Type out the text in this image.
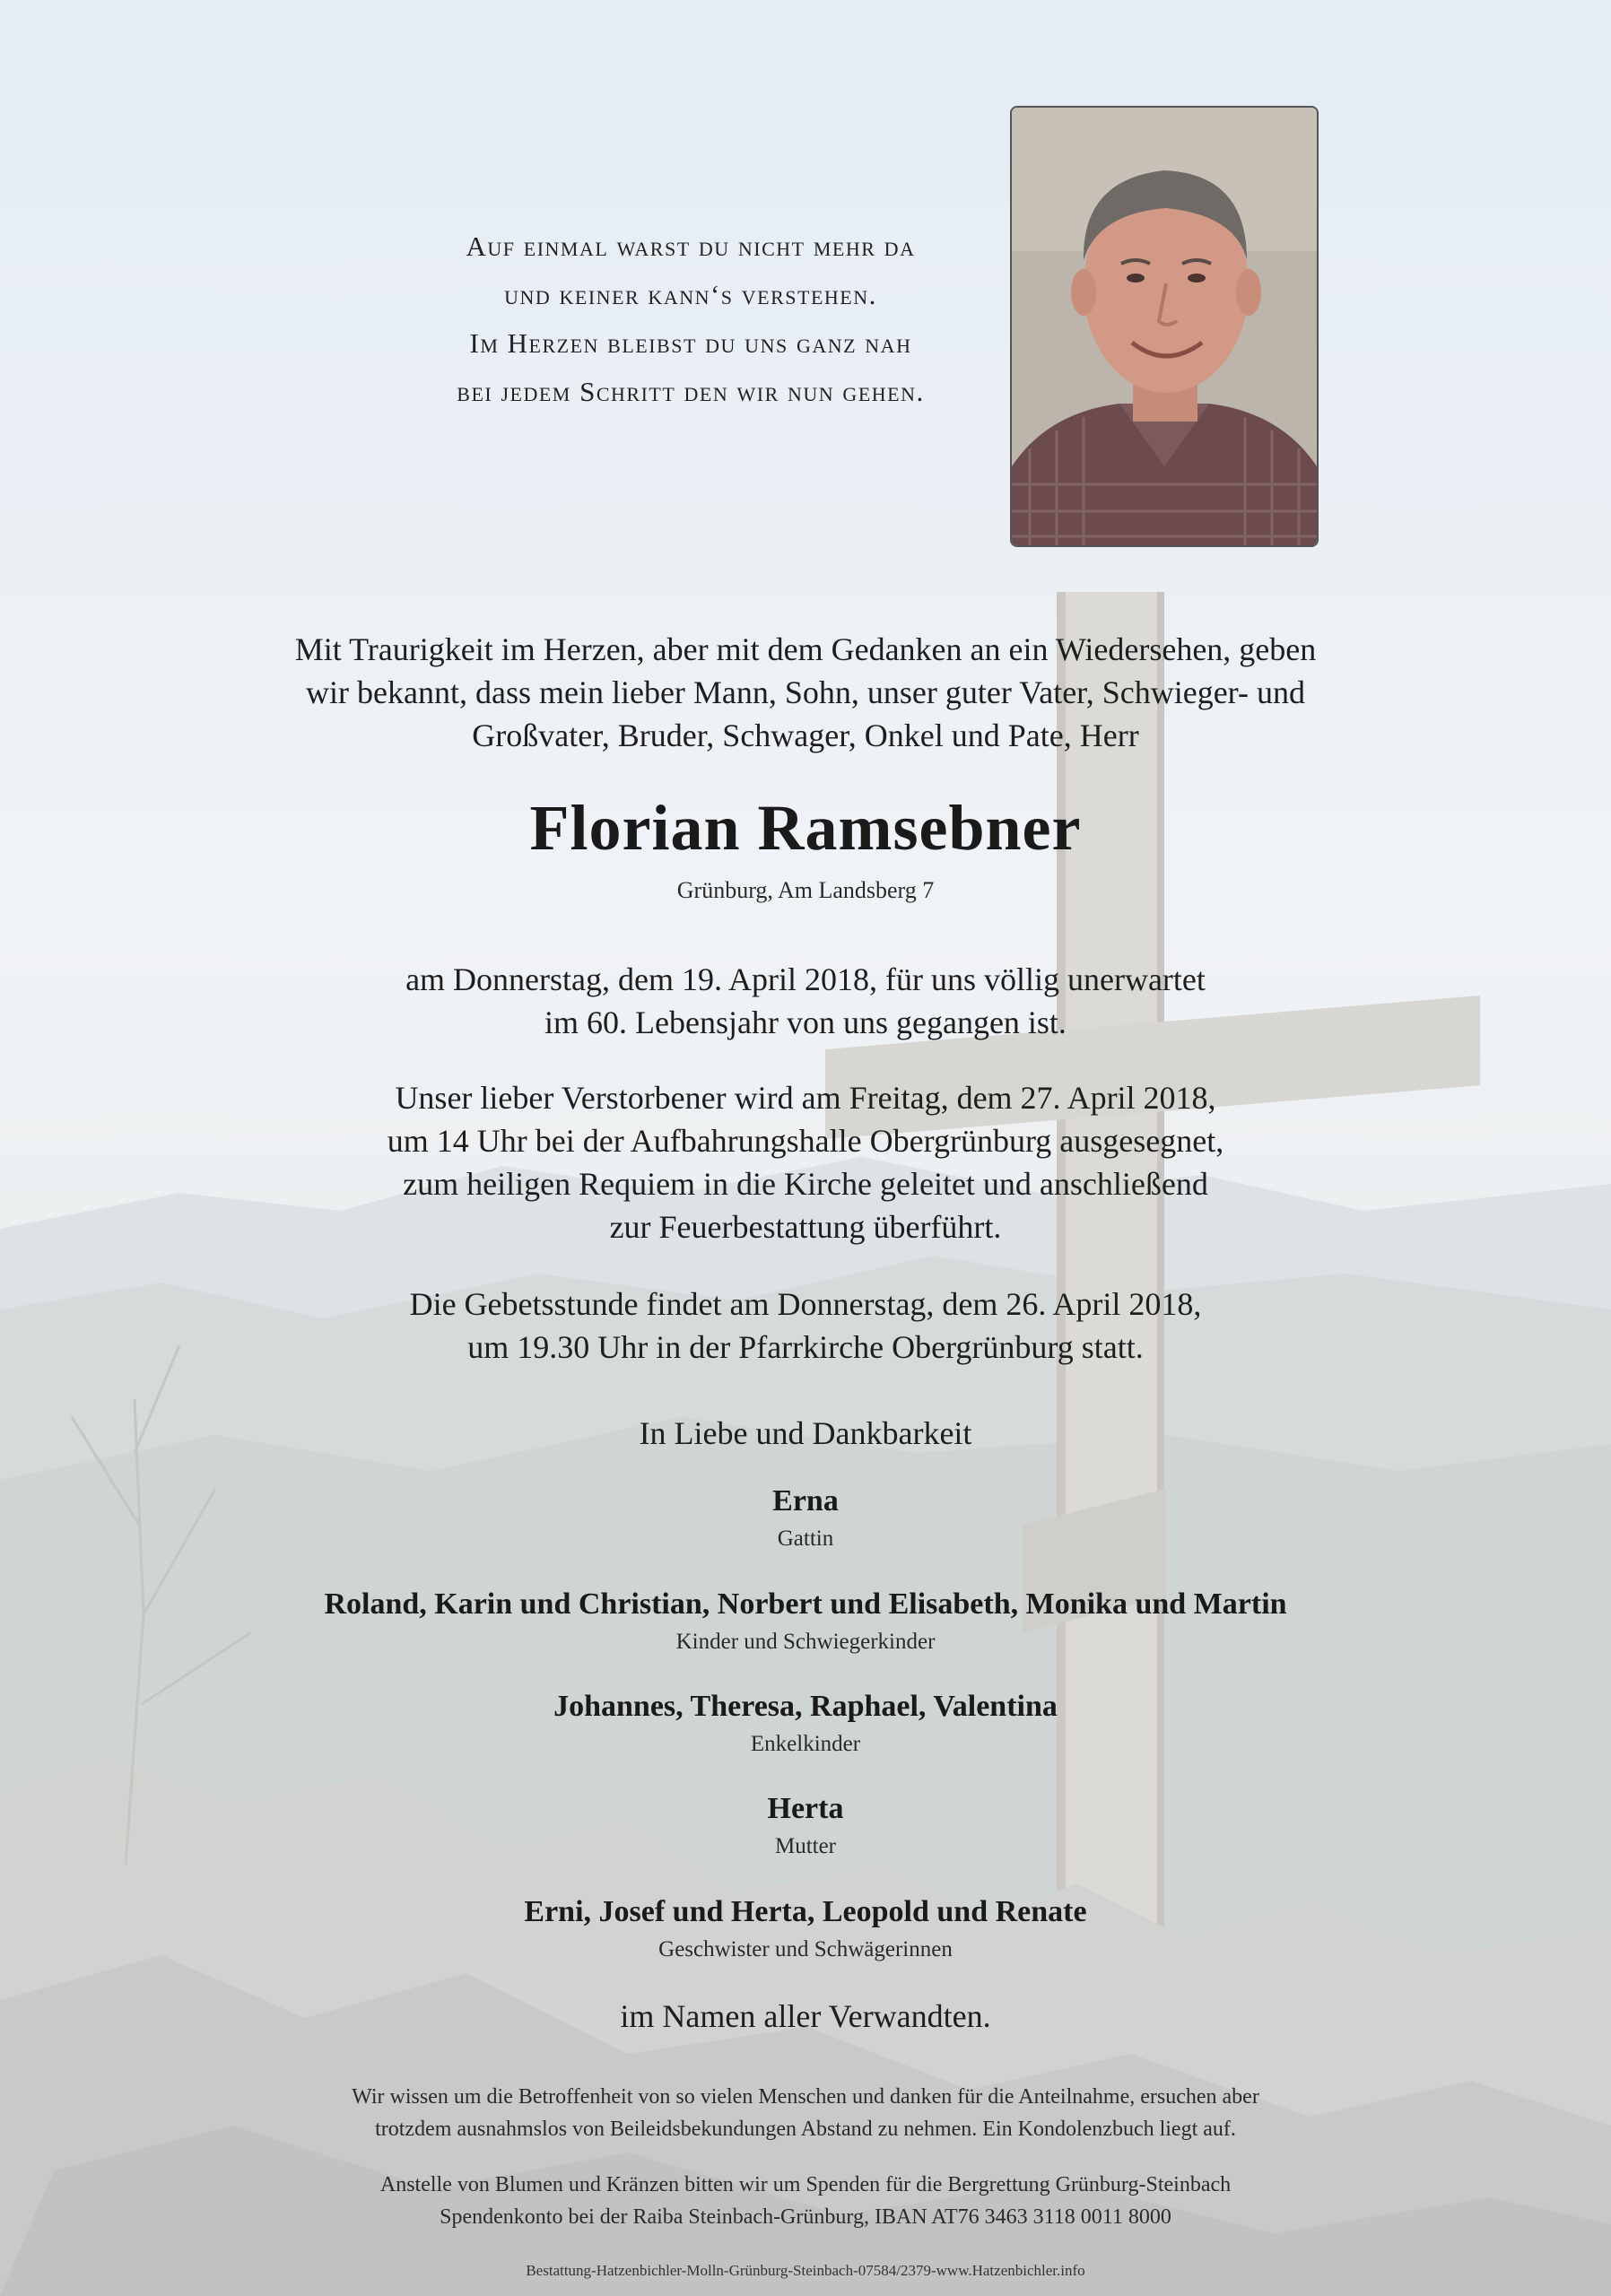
Auf einmal warst du nicht mehr da
und keiner kann‘s verstehen.
Im Herzen bleibst du uns ganz nah
bei jedem Schritt den wir nun gehen.
Mit Traurigkeit im Herzen, aber mit dem Gedanken an ein Wiedersehen, geben
wir bekannt, dass mein lieber Mann, Sohn, unser guter Vater, Schwieger- und
Großvater, Bruder, Schwager, Onkel und Pate, Herr
Florian Ramsebner
Grünburg, Am Landsberg 7
am Donnerstag, dem 19. April 2018, für uns völlig unerwartet
im 60. Lebensjahr von uns gegangen ist.
Unser lieber Verstorbener wird am Freitag, dem 27. April 2018,
um 14 Uhr bei der Aufbahrungshalle Obergrünburg ausgesegnet,
zum heiligen Requiem in die Kirche geleitet und anschließend
zur Feuerbestattung überführt.
Die Gebetsstunde findet am Donnerstag, dem 26. April 2018,
um 19.30 Uhr in der Pfarrkirche Obergrünburg statt.
In Liebe und Dankbarkeit
Erna
Gattin
Roland, Karin und Christian, Norbert und Elisabeth, Monika und Martin
Kinder und Schwiegerkinder
Johannes, Theresa, Raphael, Valentina
Enkelkinder
Herta
Mutter
Erni, Josef und Herta, Leopold und Renate
Geschwister und Schwägerinnen
im Namen aller Verwandten.
Wir wissen um die Betroffenheit von so vielen Menschen und danken für die Anteilnahme, ersuchen aber
trotzdem ausnahmslos von Beileidsbekundungen Abstand zu nehmen. Ein Kondolenzbuch liegt auf.
Anstelle von Blumen und Kränzen bitten wir um Spenden für die Bergrettung Grünburg-Steinbach
Spendenkonto bei der Raiba Steinbach-Grünburg, IBAN AT76 3463 3118 0011 8000
Bestattung-Hatzenbichler-Molln-Grünburg-Steinbach-07584/2379-www.Hatzenbichler.info
